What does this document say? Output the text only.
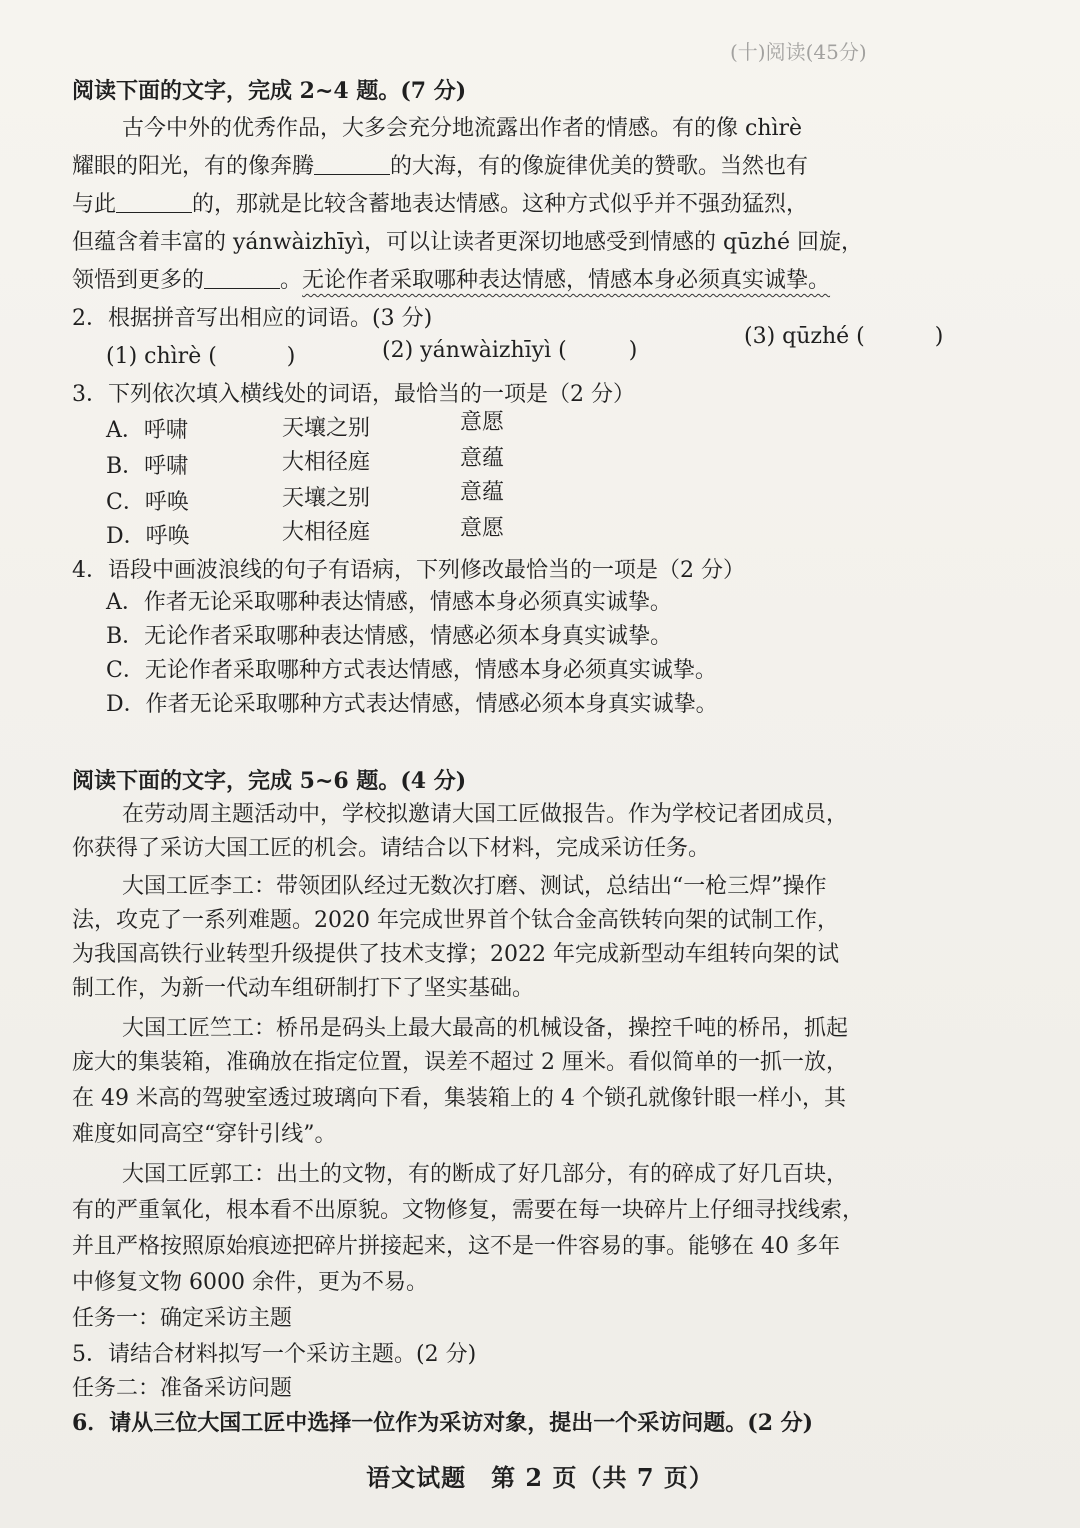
(十)阅读(45分)
阅读下面的文字，完成 2~4 题。(7 分)
古今中外的优秀作品，大多会充分地流露出作者的情感。有的像 chìrè
耀眼的阳光，有的像奔腾	的大海，有的像旋律优美的赞歌。当然也有
与此	的，那就是比较含蓄地表达情感。这种方式似乎并不强劲猛烈，
但蕴含着丰富的 yánwàizhīyì，可以让读者更深切地感受到情感的 qūzhé 回旋，
领悟到更多的	。无论作者采取哪种表达情感，情感本身必须真实诚挚。
2．根据拼音写出相应的词语。(3 分)
(1) chìrè (	)	(2) yánwàizhīyì (	)
(3) qūzhé (	)
3．下列依次填入横线处的词语，最恰当的一项是（2 分）
A．呼啸	天壤之别	意愿
B．呼啸	大相径庭	意蕴
C．呼唤	天壤之别	意蕴
D．呼唤	大相径庭	意愿
4．语段中画波浪线的句子有语病，下列修改最恰当的一项是（2 分）
A．作者无论采取哪种表达情感，情感本身必须真实诚挚。
B．无论作者采取哪种表达情感，情感必须本身真实诚挚。
C．无论作者采取哪种方式表达情感，情感本身必须真实诚挚。
D．作者无论采取哪种方式表达情感，情感必须本身真实诚挚。
阅读下面的文字，完成 5~6 题。(4 分)
在劳动周主题活动中，学校拟邀请大国工匠做报告。作为学校记者团成员，
你获得了采访大国工匠的机会。请结合以下材料，完成采访任务。
大国工匠李工：带领团队经过无数次打磨、测试，总结出“一枪三焊”操作
法，攻克了一系列难题。2020 年完成世界首个钛合金高铁转向架的试制工作，
为我国高铁行业转型升级提供了技术支撑；2022 年完成新型动车组转向架的试
制工作，为新一代动车组研制打下了坚实基础。
大国工匠竺工：桥吊是码头上最大最高的机械设备，操控千吨的桥吊，抓起
庞大的集装箱，准确放在指定位置，误差不超过 2 厘米。看似简单的一抓一放，
在 49 米高的驾驶室透过玻璃向下看，集装箱上的 4 个锁孔就像针眼一样小，其
难度如同高空“穿针引线”。
大国工匠郭工：出土的文物，有的断成了好几部分，有的碎成了好几百块，
有的严重氧化，根本看不出原貌。文物修复，需要在每一块碎片上仔细寻找线索，
并且严格按照原始痕迹把碎片拼接起来，这不是一件容易的事。能够在 40 多年
中修复文物 6000 余件，更为不易。
任务一：确定采访主题
5．请结合材料拟写一个采访主题。(2 分)
任务二：准备采访问题
6．请从三位大国工匠中选择一位作为采访对象，提出一个采访问题。(2 分)
语文试题　第 2 页（共 7 页）
